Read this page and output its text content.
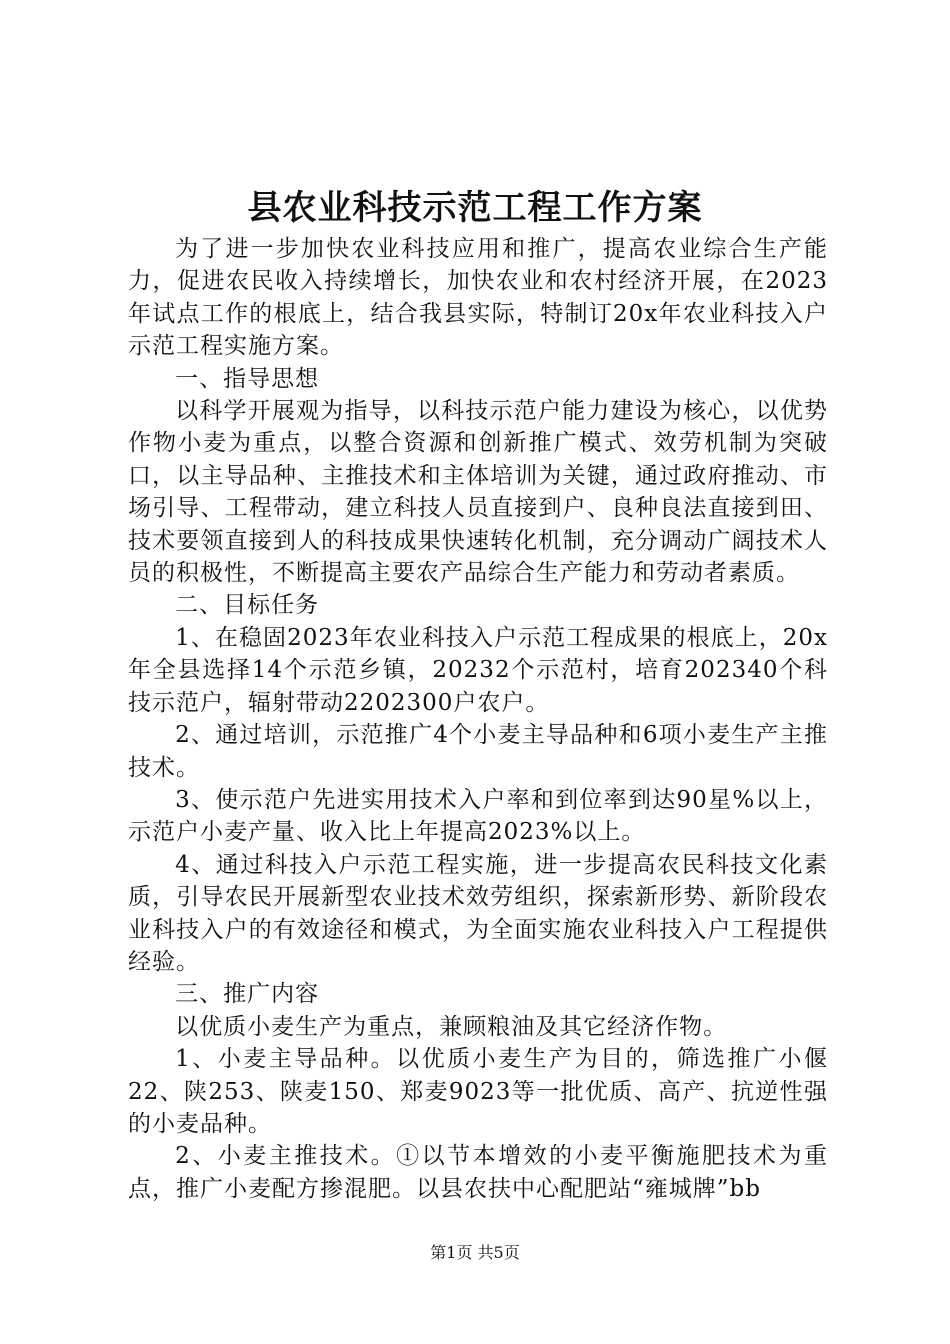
县农业科技示范工程工作方案

为了进一步加快农业科技应用和推广，提高农业综合生产能力，促进农民收入持续增长，加快农业和农村经济开展，在2023年试点工作的根底上，结合我县实际，特制订20x年农业科技入户示范工程实施方案。

一、指导思想

以科学开展观为指导，以科技示范户能力建设为核心，以优势作物小麦为重点，以整合资源和创新推广模式、效劳机制为突破口，以主导品种、主推技术和主体培训为关键，通过政府推动、市场引导、工程带动，建立科技人员直接到户、良种良法直接到田、技术要领直接到人的科技成果快速转化机制，充分调动广阔技术人员的积极性，不断提高主要农产品综合生产能力和劳动者素质。

二、目标任务

1、在稳固2023年农业科技入户示范工程成果的根底上，20x年全县选择14个示范乡镇，20232个示范村，培育202340个科技示范户，辐射带动2202300户农户。

2、通过培训，示范推广4个小麦主导品种和6项小麦生产主推技术。

3、使示范户先进实用技术入户率和到位率到达90星%以上，示范户小麦产量、收入比上年提高2023%以上。

4、通过科技入户示范工程实施，进一步提高农民科技文化素质，引导农民开展新型农业技术效劳组织，探索新形势、新阶段农业科技入户的有效途径和模式，为全面实施农业科技入户工程提供经验。

三、推广内容

以优质小麦生产为重点，兼顾粮油及其它经济作物。

1、小麦主导品种。以优质小麦生产为目的，筛选推广小偃22、陕253、陕麦150、郑麦9023等一批优质、高产、抗逆性强的小麦品种。

2、小麦主推技术。①以节本增效的小麦平衡施肥技术为重点，推广小麦配方掺混肥。以县农扶中心配肥站“雍城牌”bb

第1页 共5页
